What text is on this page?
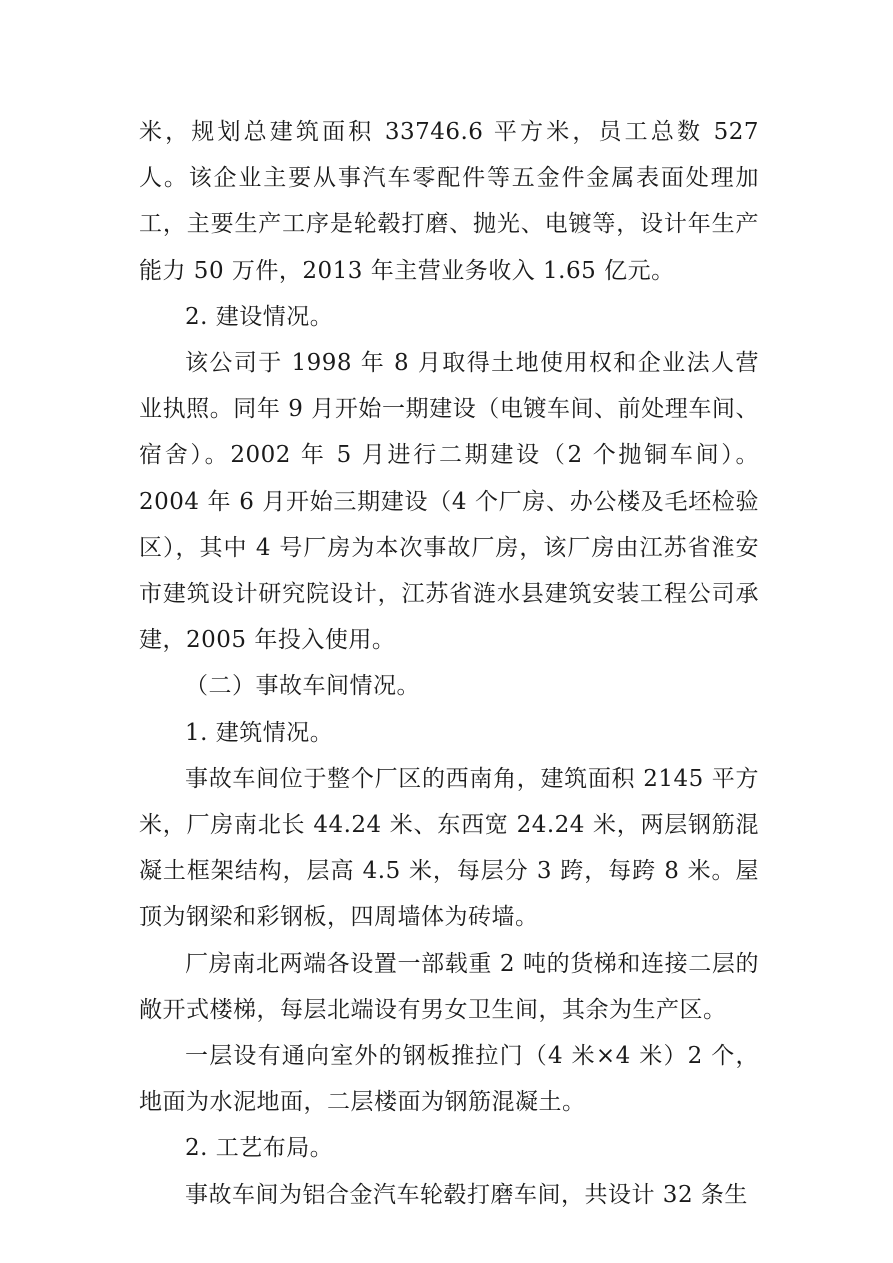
米，规划总建筑面积 33746.6 平方米，员工总数 527 人。该企业主要从事汽车零配件等五金件金属表面处理加工，主要生产工序是轮毂打磨、抛光、电镀等，设计年生产能力 50 万件，2013 年主营业务收入 1.65 亿元。

2. 建设情况。

该公司于 1998 年 8 月取得土地使用权和企业法人营业执照。同年 9 月开始一期建设（电镀车间、前处理车间、宿舍）。2002 年 5 月进行二期建设（2 个抛铜车间）。2004 年 6 月开始三期建设（4 个厂房、办公楼及毛坯检验区），其中 4 号厂房为本次事故厂房，该厂房由江苏省淮安市建筑设计研究院设计，江苏省涟水县建筑安装工程公司承建，2005 年投入使用。

（二）事故车间情况。

1. 建筑情况。

事故车间位于整个厂区的西南角，建筑面积 2145 平方米，厂房南北长 44.24 米、东西宽 24.24 米，两层钢筋混凝土框架结构，层高 4.5 米，每层分 3 跨，每跨 8 米。屋顶为钢梁和彩钢板，四周墙体为砖墙。

厂房南北两端各设置一部载重 2 吨的货梯和连接二层的敞开式楼梯，每层北端设有男女卫生间，其余为生产区。

一层设有通向室外的钢板推拉门（4 米×4 米）2 个，地面为水泥地面，二层楼面为钢筋混凝土。

2. 工艺布局。

事故车间为铝合金汽车轮毂打磨车间，共设计 32 条生
